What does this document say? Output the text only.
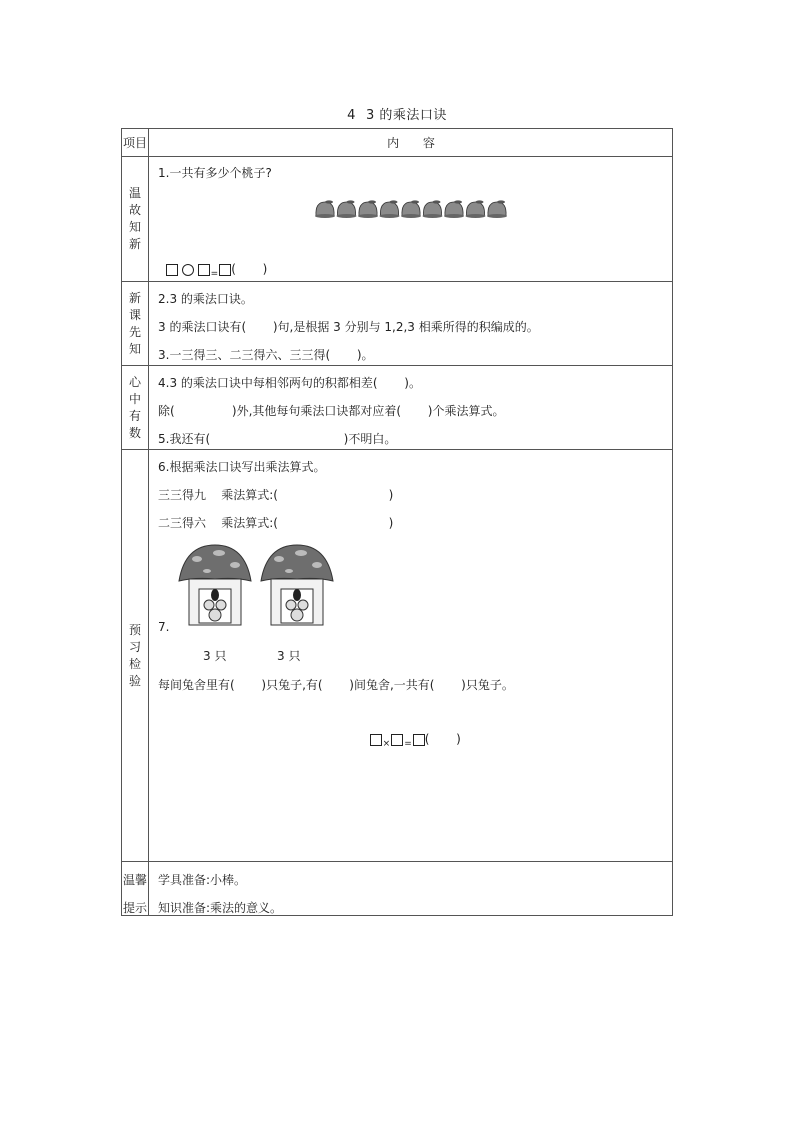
4 3 的乘法口诀
项目	内 容
温
故
知
新
新
课
先
知
心
中
有
数
预
习
检
验
1.一共有多少个桃子?

$_=$ (       )

2.3 的乘法口诀。
3 的乘法口诀有(       )句,是根据 3 分别与 1,2,3 相乘所得的积编成的。
3.一三得三、二三得六、三三得(       )。
4.3 的乘法口诀中每相邻两句的积都相差(       )。
除(               )外,其他每句乘法口诀都对应着(       )个乘法算式。
5.我还有(                                   )不明白。
6.根据乘法口诀写出乘法算式。
三三得九    乘法算式:(                             )
二三得六    乘法算式:(                             )
7.
3 只	3 只
每间兔舍里有(       )只兔子,有(       )间兔舍,一共有(       )只兔子。

$_\times$ $_=$ (       )

温馨
提示
学具准备:小棒。
知识准备:乘法的意义。
